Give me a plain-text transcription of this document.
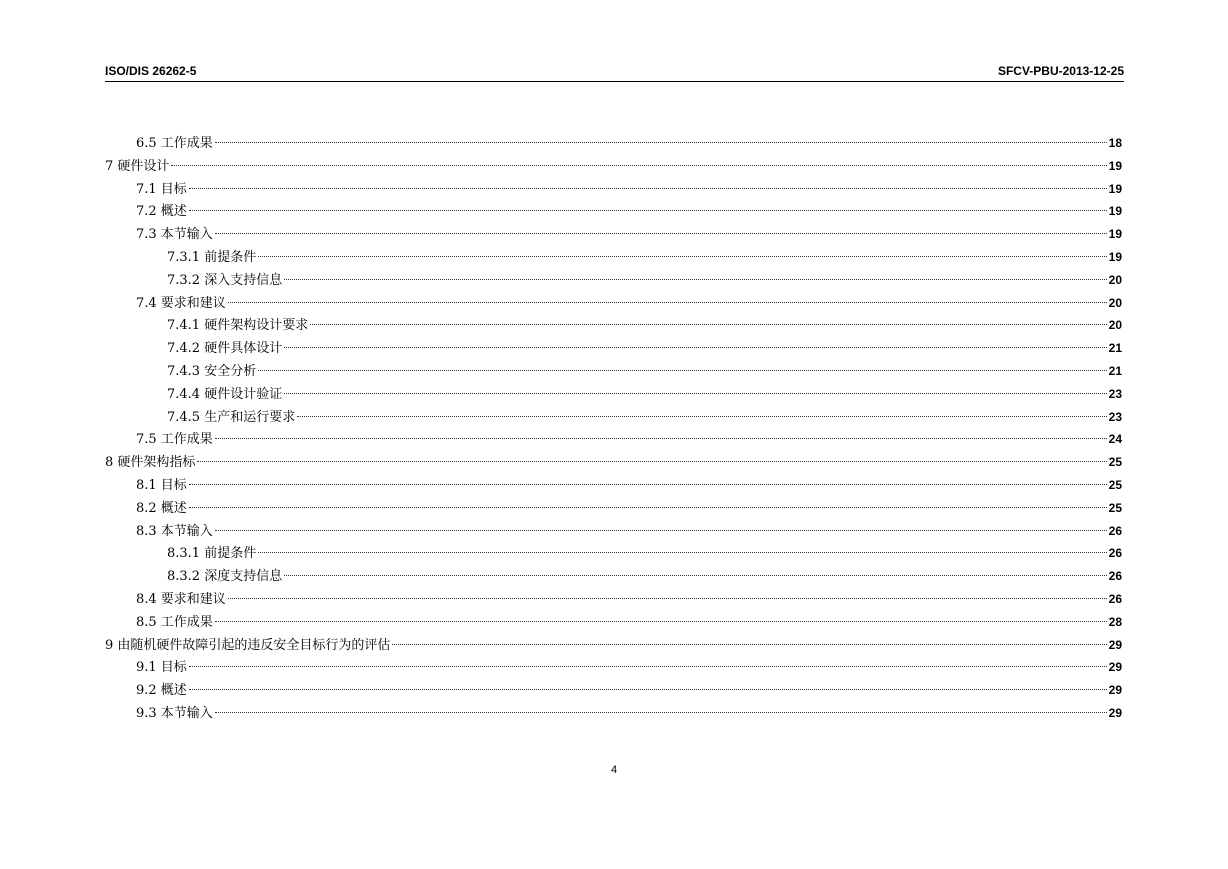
ISO/DIS 26262-5	SFCV-PBU-2013-12-25
6.5 工作成果	18
7 硬件设计	19
7.1 目标	19
7.2 概述	19
7.3 本节输入	19
7.3.1 前提条件	19
7.3.2 深入支持信息	20
7.4 要求和建议	20
7.4.1 硬件架构设计要求	20
7.4.2 硬件具体设计	21
7.4.3 安全分析	21
7.4.4 硬件设计验证	23
7.4.5 生产和运行要求	23
7.5 工作成果	24
8 硬件架构指标	25
8.1 目标	25
8.2 概述	25
8.3 本节输入	26
8.3.1 前提条件	26
8.3.2 深度支持信息	26
8.4 要求和建议	26
8.5 工作成果	28
9 由随机硬件故障引起的违反安全目标行为的评估	29
9.1 目标	29
9.2 概述	29
9.3 本节输入	29
4
